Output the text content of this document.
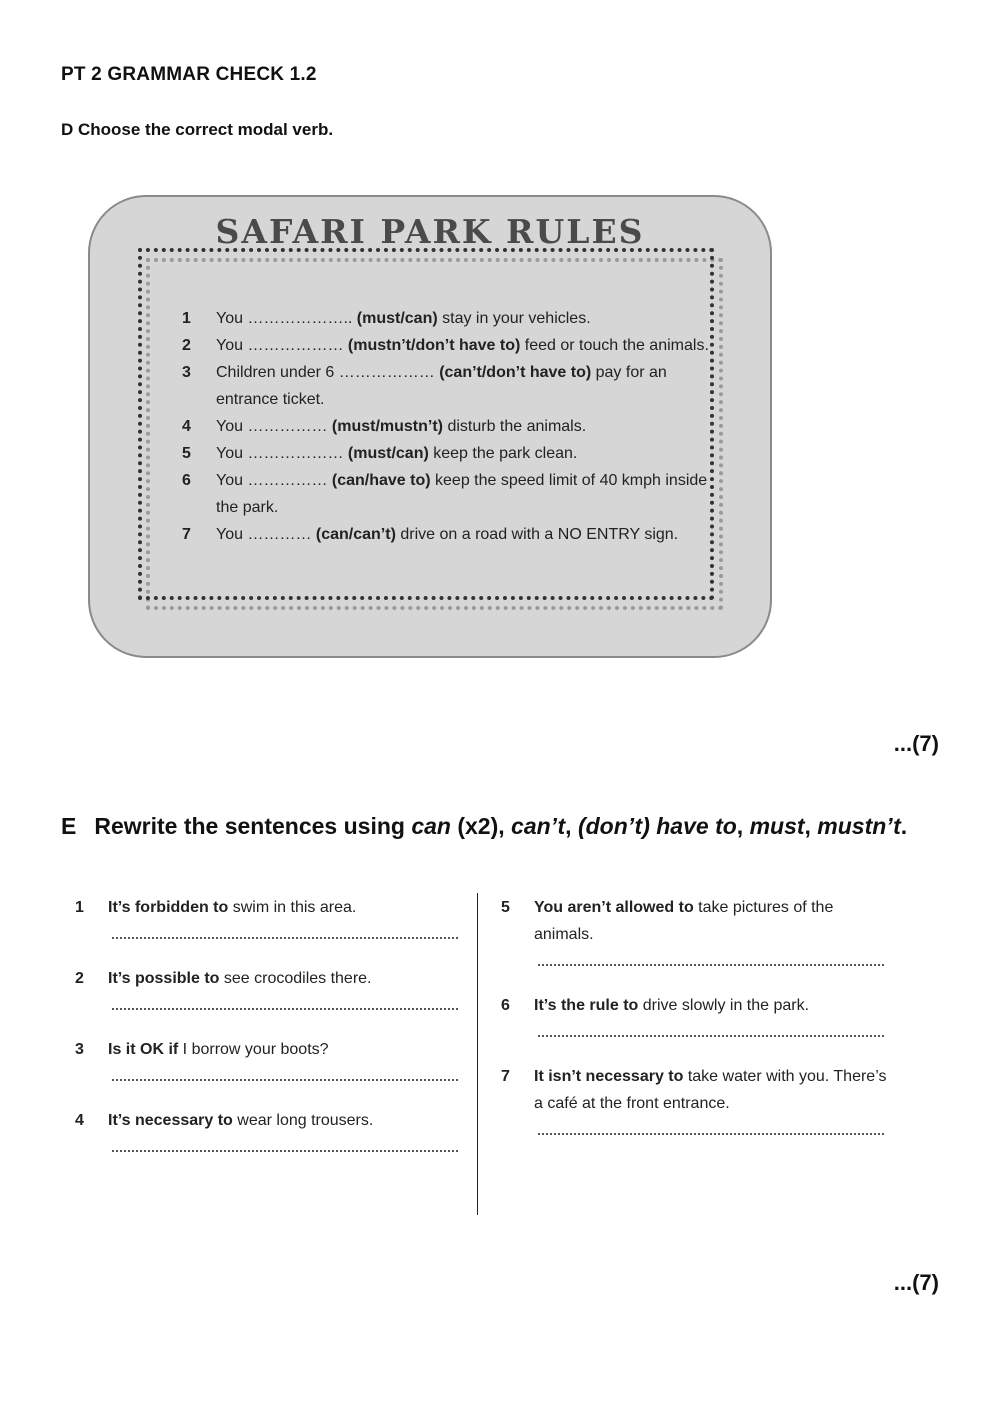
PT 2 GRAMMAR CHECK 1.2
D Choose the correct modal verb.
SAFARI PARK RULES
1	You ……………….. (must/can) stay in your vehicles.
2	You ……………… (mustn’t/don’t have to) feed or touch the animals.
3	Children under 6 ……………… (can’t/don’t have to) pay for an entrance ticket.
4	You …………… (must/mustn’t) disturb the animals.
5	You ……………… (must/can) keep the park clean.
6	You …………… (can/have to) keep the speed limit of 40 kmph inside the park.
7	You ………… (can/can’t) drive on a road with a NO ENTRY sign.
...(7)
E Rewrite the sentences using can (x2), can’t, (don’t) have to, must, mustn’t.
1	It’s forbidden to swim in this area.
2	It’s possible to see crocodiles there.
3	Is it OK if I borrow your boots?
4	It’s necessary to wear long trousers.
5	You aren’t allowed to take pictures of the animals.
6	It’s the rule to drive slowly in the park.
7	It isn’t necessary to take water with you. There’s a café at the front entrance.
...(7)
